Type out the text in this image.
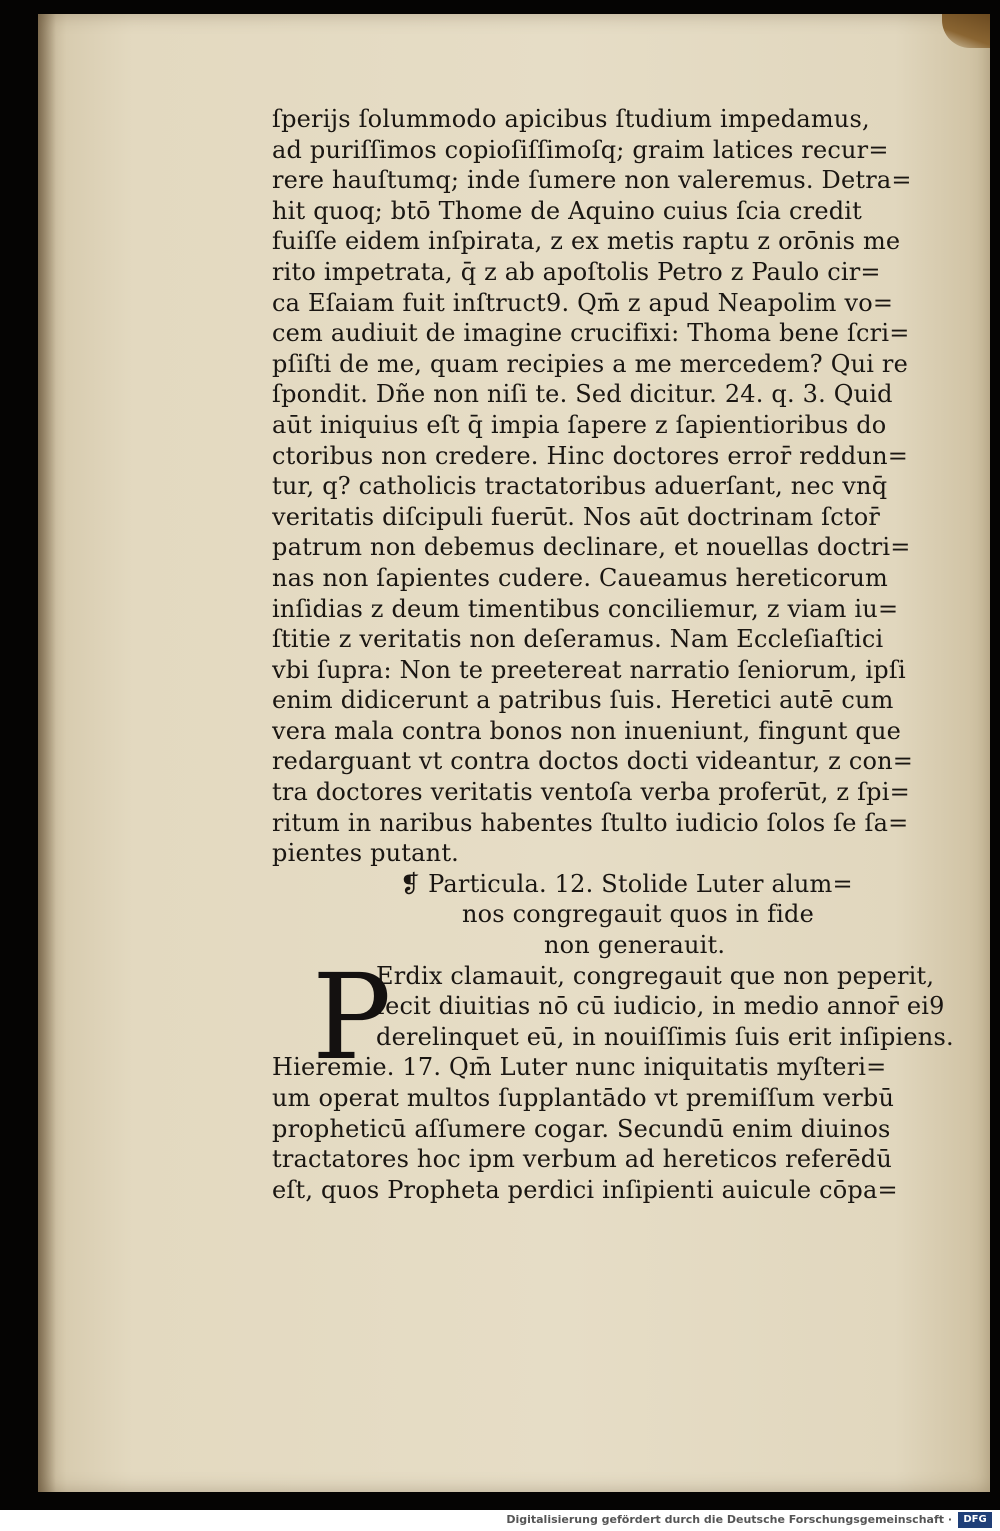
ſperijs ſolummodo apicibus ſtudium impedamus,
ad puriſſimos copioſiſſimoſq; graim latices recur=
rere hauſtumq; inde ſumere non valeremus. Detra=
hit quoq; btō Thome de Aquino cuius ſcia credit
fuiſſe eidem inſpirata, z ex metis raptu z orōnis me
rito impetrata, q̄ z ab apoſtolis Petro z Paulo cir=
ca Eſaiam fuit inſtruct9. Qm̄ z apud Neapolim vo=
cem audiuit de imagine crucifixi: Thoma bene ſcri=
pſiſti de me, quam recipies a me mercedem? Qui re
ſpondit. Dñe non niſi te. Sed dicitur. 24. q. 3. Quid
aūt iniquius eſt q̄ impia ſapere z ſapientioribus do
ctoribus non credere. Hinc doctores error̄ reddun=
tur, q? catholicis tractatoribus aduerſant, nec vnq̄
veritatis diſcipuli fuerūt. Nos aūt doctrinam ſctor̄
patrum non debemus declinare, et nouellas doctri=
nas non ſapientes cudere. Caueamus hereticorum
inſidias z deum timentibus conciliemur, z viam iu=
ſtitie z veritatis non deſeramus. Nam Eccleſiaſtici
vbi ſupra: Non te preetereat narratio ſeniorum, ipſi
enim didicerunt a patribus ſuis. Heretici autē cum
vera mala contra bonos non inueniunt, fingunt que
redarguant vt contra doctos docti videantur, z con=
tra doctores veritatis ventoſa verba proferūt, z ſpi=
ritum in naribus habentes ſtulto iudicio ſolos ſe ſa=
pientes putant.
❡ Particula. 12. Stolide Luter alum=
nos congregauit quos in fide
non generauit.
P
Erdix clamauit, congregauit que non peperit,
fecit diuitias nō cū iudicio, in medio annor̄ ei9
derelinquet eū, in nouiſſimis ſuis erit inſipiens.
Hieremie. 17. Qm̄ Luter nunc iniquitatis myſteri=
um operat multos ſupplantādo vt premiſſum verbū
propheticū aſſumere cogar. Secundū enim diuinos
tractatores hoc ipm verbum ad hereticos referēdū
eſt, quos Propheta perdici inſipienti auicule cōpa=
Digitalisierung gefördert durch die Deutsche Forschungsgemeinschaft ·	DFG
